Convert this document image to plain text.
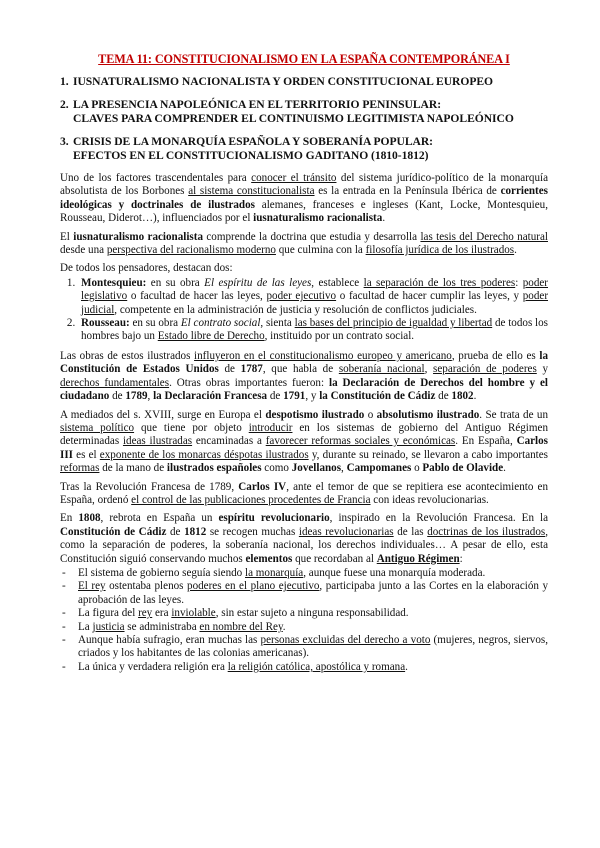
TEMA 11: CONSTITUCIONALISMO EN LA ESPAÑA CONTEMPORÁNEA I
1. IUSNATURALISMO NACIONALISTA Y ORDEN CONSTITUCIONAL EUROPEO
2. LA PRESENCIA NAPOLEÓNICA EN EL TERRITORIO PENINSULAR:
CLAVES PARA COMPRENDER EL CONTINUISMO LEGITIMISTA NAPOLEÓNICO
3. CRISIS DE LA MONARQUÍA ESPAÑOLA Y SOBERANÍA POPULAR:
EFECTOS EN EL CONSTITUCIONALISMO GADITANO (1810-1812)

Uno de los factores trascendentales para conocer el tránsito del sistema jurídico-político de la monarquía absolutista de los Borbones al sistema constitucionalista es la entrada en la Península Ibérica de corrientes ideológicas y doctrinales de ilustrados alemanes, franceses e ingleses (Kant, Locke, Montesquieu, Rousseau, Diderot…), influenciados por el iusnaturalismo racionalista.

El iusnaturalismo racionalista comprende la doctrina que estudia y desarrolla las tesis del Derecho natural desde una perspectiva del racionalismo moderno que culmina con la filosofía jurídica de los ilustrados.

De todos los pensadores, destacan dos:

1. Montesquieu: en su obra El espíritu de las leyes, establece la separación de los tres poderes: poder legislativo o facultad de hacer las leyes, poder ejecutivo o facultad de hacer cumplir las leyes, y poder judicial, competente en la administración de justicia y resolución de conflictos judiciales.
2. Rousseau: en su obra El contrato social, sienta las bases del principio de igualdad y libertad de todos los hombres bajo un Estado libre de Derecho, instituido por un contrato social.

Las obras de estos ilustrados influyeron en el constitucionalismo europeo y americano, prueba de ello es la Constitución de Estados Unidos de 1787, que habla de soberanía nacional, separación de poderes y derechos fundamentales. Otras obras importantes fueron: la Declaración de Derechos del hombre y el ciudadano de 1789, la Declaración Francesa de 1791, y la Constitución de Cádiz de 1802.

A mediados del s. XVIII, surge en Europa el despotismo ilustrado o absolutismo ilustrado. Se trata de un sistema político que tiene por objeto introducir en los sistemas de gobierno del Antiguo Régimen determinadas ideas ilustradas encaminadas a favorecer reformas sociales y económicas. En España, Carlos III es el exponente de los monarcas déspotas ilustrados y, durante su reinado, se llevaron a cabo importantes reformas de la mano de ilustrados españoles como Jovellanos, Campomanes o Pablo de Olavide.

Tras la Revolución Francesa de 1789, Carlos IV, ante el temor de que se repitiera ese acontecimiento en España, ordenó el control de las publicaciones procedentes de Francia con ideas revolucionarias.

En 1808, rebrota en España un espíritu revolucionario, inspirado en la Revolución Francesa. En la Constitución de Cádiz de 1812 se recogen muchas ideas revolucionarias de las doctrinas de los ilustrados, como la separación de poderes, la soberanía nacional, los derechos individuales… A pesar de ello, esta Constitución siguió conservando muchos elementos que recordaban al Antiguo Régimen:

- El sistema de gobierno seguía siendo la monarquía, aunque fuese una monarquía moderada.
- El rey ostentaba plenos poderes en el plano ejecutivo, participaba junto a las Cortes en la elaboración y aprobación de las leyes.
- La figura del rey era inviolable, sin estar sujeto a ninguna responsabilidad.
- La justicia se administraba en nombre del Rey.
- Aunque había sufragio, eran muchas las personas excluidas del derecho a voto (mujeres, negros, siervos, criados y los habitantes de las colonias americanas).
- La única y verdadera religión era la religión católica, apostólica y romana.
